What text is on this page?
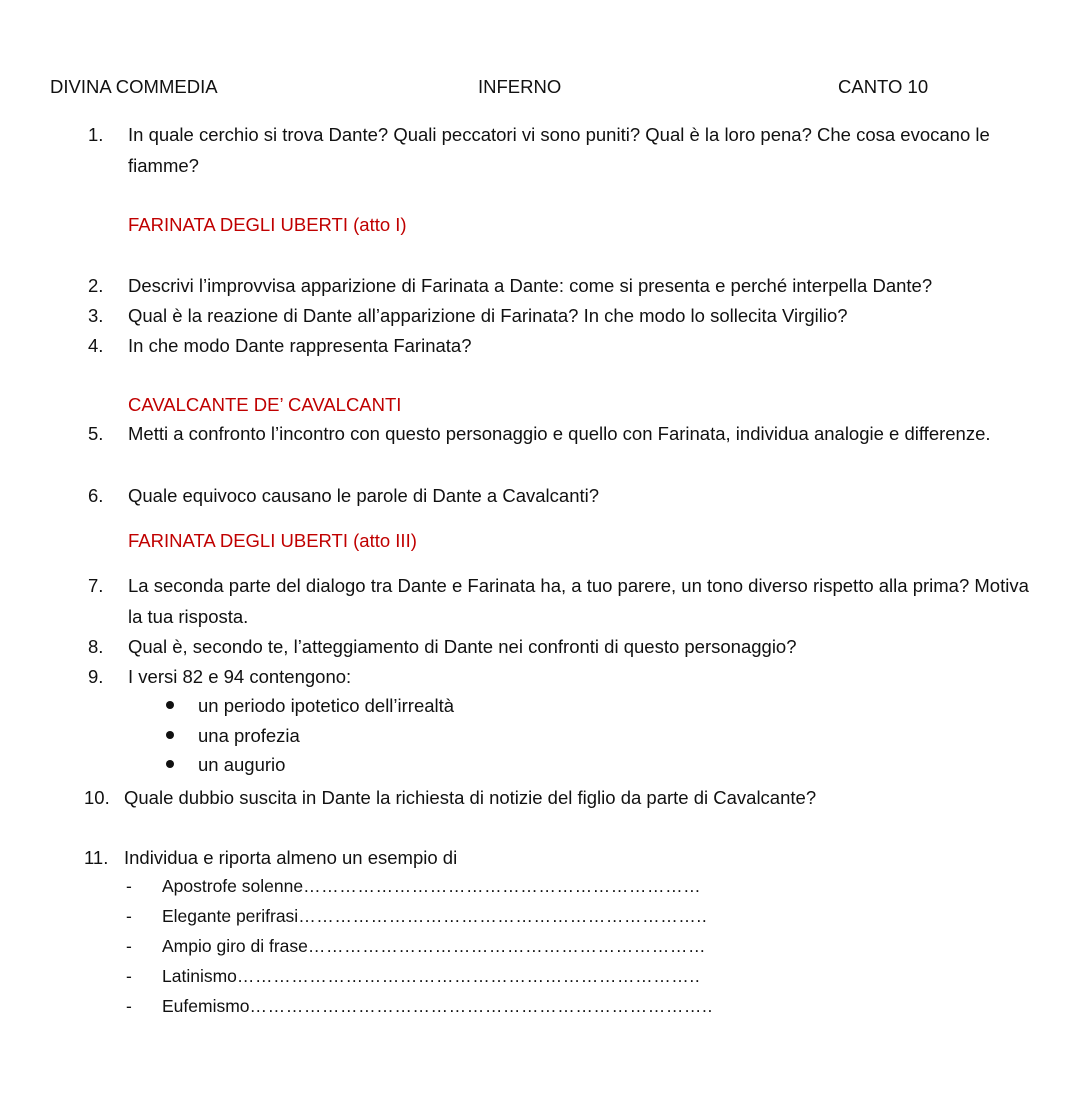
DIVINA COMMEDIA	INFERNO	CANTO 10
1. In quale cerchio si trova Dante? Quali peccatori vi sono puniti? Qual è la loro pena? Che cosa evocano le fiamme?
FARINATA DEGLI UBERTI (atto I)
2. Descrivi l’improvvisa apparizione di Farinata a Dante: come si presenta e perché interpella Dante?
3. Qual è la reazione di Dante all’apparizione di Farinata? In che modo lo sollecita Virgilio?
4. In che modo Dante rappresenta Farinata?
CAVALCANTE DE’ CAVALCANTI
5. Metti a confronto l’incontro con questo personaggio e quello con Farinata, individua analogie e differenze.
6. Quale equivoco causano le parole di Dante a Cavalcanti?
FARINATA DEGLI UBERTI (atto III)
7. La seconda parte del dialogo tra Dante e Farinata ha, a tuo parere, un tono diverso rispetto alla prima? Motiva la tua risposta.
8. Qual è, secondo te, l’atteggiamento di Dante nei confronti di questo personaggio?
9. I versi 82 e 94 contengono:
un periodo ipotetico dell’irrealtà
una profezia
un augurio
10. Quale dubbio suscita in Dante la richiesta di notizie del figlio da parte di Cavalcante?
11. Individua e riporta almeno un esempio di
- Apostrofe solenne…………………………………………………………
- Elegante perifrasi…………………………………………………………..
- Ampio giro di frase…………………………………………………………
- Latinismo…………………………………………………………………..
- Eufemismo…………………………………………………………………..
